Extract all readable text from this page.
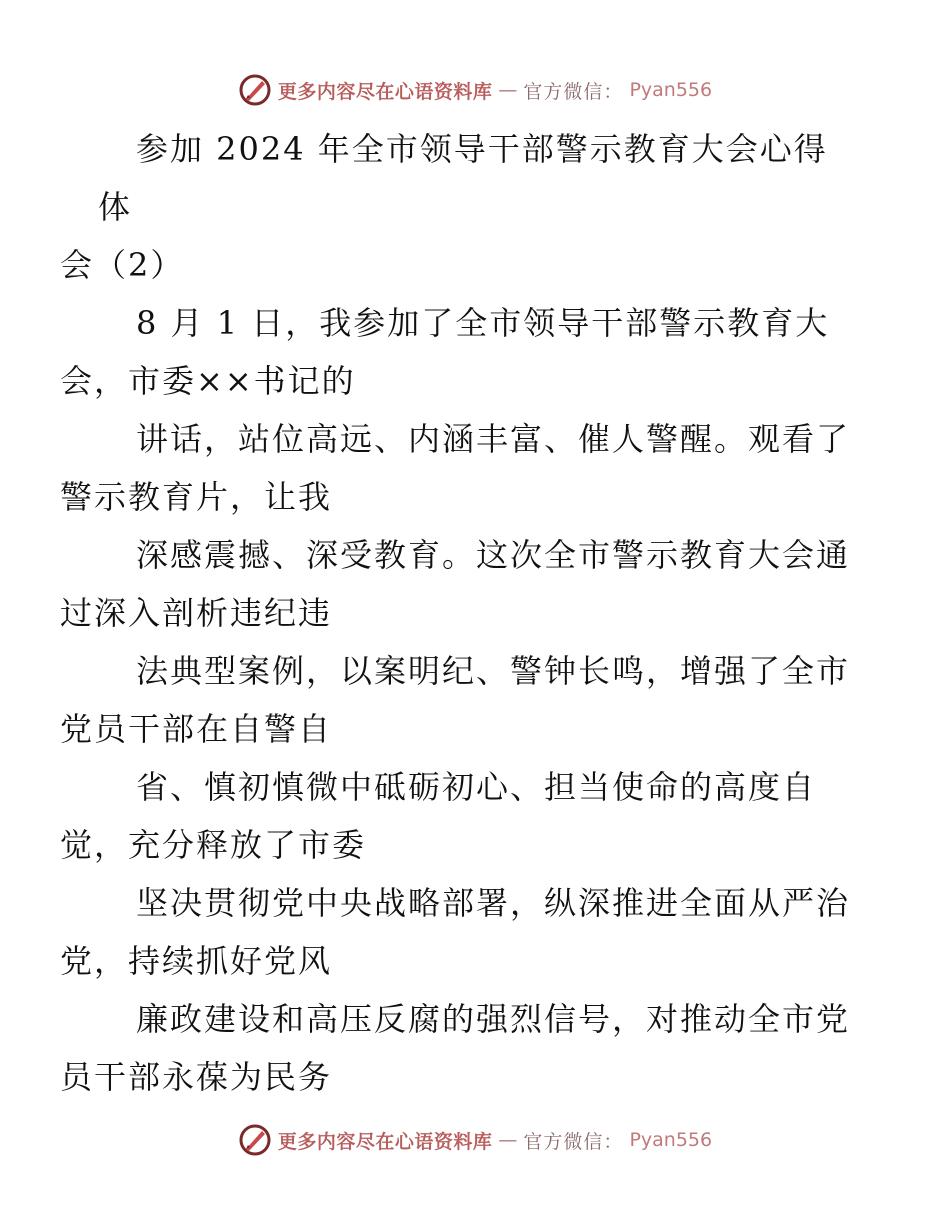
更多内容尽在心语资料库 — 官方微信： Pyan556

参加 2024 年全市领导干部警示教育大会心得体
会（2）

8 月 1 日，我参加了全市领导干部警示教育大
会，市委××书记的

讲话，站位高远、内涵丰富、催人警醒。观看了
警示教育片，让我

深感震撼、深受教育。这次全市警示教育大会通
过深入剖析违纪违

法典型案例，以案明纪、警钟长鸣，增强了全市
党员干部在自警自

省、慎初慎微中砥砺初心、担当使命的高度自
觉，充分释放了市委

坚决贯彻党中央战略部署，纵深推进全面从严治
党，持续抓好党风

廉政建设和高压反腐的强烈信号，对推动全市党
员干部永葆为民务

更多内容尽在心语资料库 — 官方微信： Pyan556
